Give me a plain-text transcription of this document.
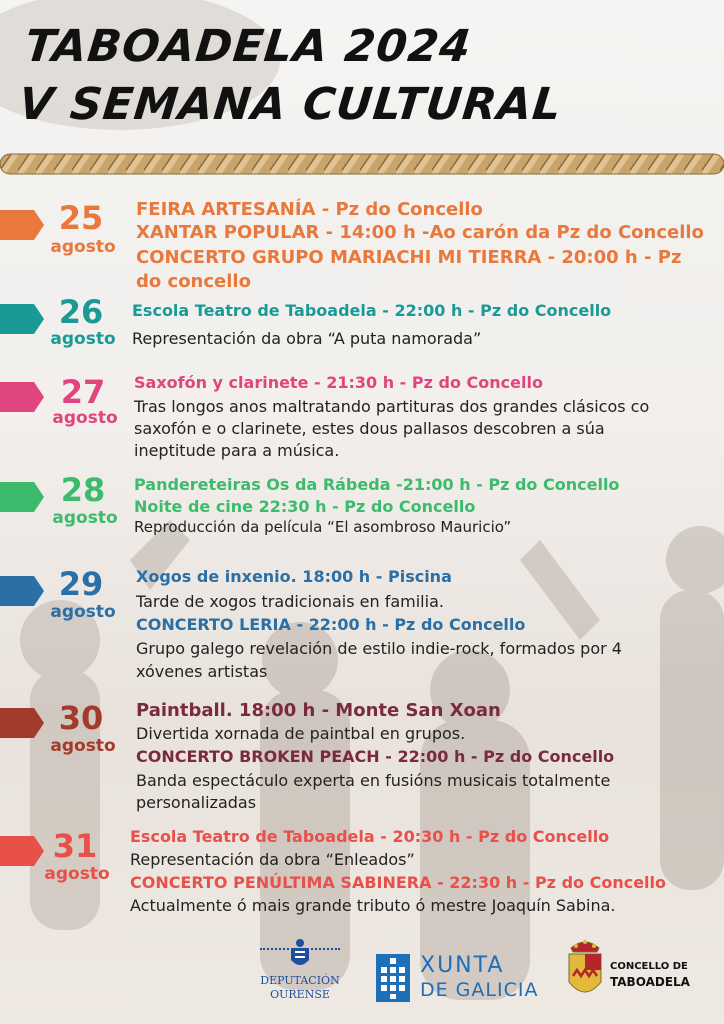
TABOADELA 2024
V SEMANA CULTURAL
25
agosto
FEIRA ARTESANÍA - Pz do Concello
XANTAR POPULAR - 14:00 h -Ao carón da Pz do Concello
CONCERTO GRUPO MARIACHI MI TIERRA - 20:00 h - Pz
do concello
26
agosto
Escola Teatro de Taboadela - 22:00 h - Pz do Concello
Representación da obra “A puta namorada”
27
agosto
Saxofón y clarinete - 21:30 h - Pz do Concello
Tras longos anos maltratando partituras dos grandes clásicos co
saxofón e o clarinete, estes dous pallasos descobren a súa
ineptitude para a música.
28
agosto
Pandereteiras Os da Rábeda -21:00 h - Pz do Concello
Noite de cine 22:30 h - Pz do Concello
Reproducción da película “El asombroso Mauricio”
29
agosto
Xogos de inxenio. 18:00 h - Piscina
Tarde de xogos tradicionais en familia.
CONCERTO LERIA - 22:00 h - Pz do Concello
Grupo galego revelación de estilo indie-rock, formados por 4
xóvenes artistas
30
agosto
Paintball. 18:00 h - Monte San Xoan
Divertida xornada de paintbal en grupos.
CONCERTO BROKEN PEACH - 22:00 h - Pz do Concello
Banda espectáculo experta en fusións musicais totalmente
personalizadas
31
agosto
Escola Teatro de Taboadela - 20:30 h - Pz do Concello
Representación da obra “Enleados”
CONCERTO PENÚLTIMA SABINERA - 22:30 h - Pz do Concello
Actualmente ó mais grande tributo ó mestre Joaquín Sabina.
DEPUTACIÓN
OURENSE
XUNTA
DE GALICIA
CONCELLO DE
TABOADELA
